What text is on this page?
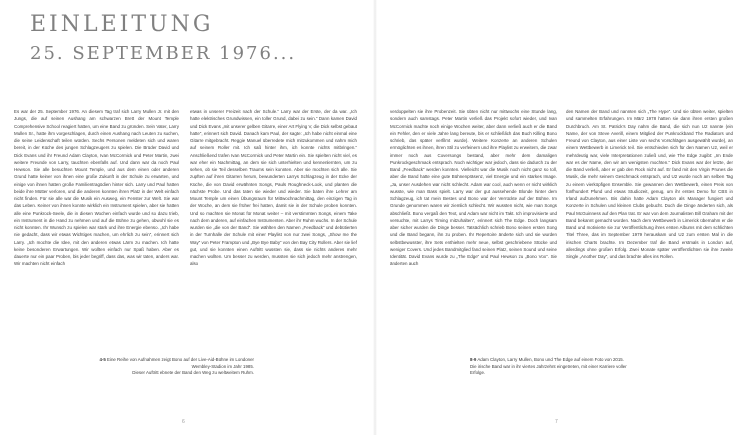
EINLEITUNG
25. SEPTEMBER 1976...

Es war der 25. September 1976. An diesem Tag traf sich Larry Mullen Jr. mit den Jungs, die auf seinen Aushang am schwarzen Brett der Mount Temple Comprehensive School reagiert hatten, um eine Band zu gründen. Sein Vater, Larry Mullen Sr., hatte ihm vorgeschlagen, durch einen Aushang nach Leuten zu suchen, die seine Leidenschaft teilen würden. Sechs Personen meldeten sich und waren bereit, in der Küche des jungen Schlagzeugers zu spielen. Die Brüder David und Dick Evans und ihr Freund Adam Clayton, Ivan McCormick und Peter Martin, zwei weitere Freunde von Larry, tauchten ebenfalls auf. Und dann war da noch Paul Hewson. Sie alle besuchten Mount Temple, und aus dem einen oder anderen Grund hatte keiner von ihnen eine große Zukunft in der Schule zu erwarten, und einige von ihnen hatten große Familientragödien hinter sich. Larry und Paul hatten beide ihre Mütter verloren, und die anderen konnten ihren Platz in der Welt einfach nicht finden. Für sie alle war die Musik ein Ausweg, ein Fenster zur Welt. Sie war das Leben. Keiner von ihnen konnte wirklich ein Instrument spielen, aber sie hatten alle eine Punkrock-Seele, die in diesen Wochen einfach wurde und so dazu trieb, ein Instrument in die Hand zu nehmen und auf die Bühne zu gehen, obwohl sie es nicht konnten. Ihr Wunsch zu spielen war stark und ihre Energie ebenso. „Ich habe nie gedacht, dass wir etwas Wichtiges machen, um ehrlich zu sein“, erinnert sich Larry. „Ich mochte die Idee, mit den anderen etwas Lärm zu machen. Ich hatte keine besonderen Erwartungen. Wir wollten einfach nur Spaß haben. Aber es dauerte nur ein paar Proben, bis jeder begriff, dass das, was wir taten, anders war. Wir machten nicht einfach

etwas in unserer Freizeit nach der Schule.“ Larry war der Erste, der da war. „Ich hatte elektrisches Grundwissen, ein toller Grund, dabei zu sein.“ Dann kamen David und Dick Evans „mit unserer gelben Gitarre, einer Art Flying V, die Dick selbst gebaut hatte“, erinnert sich David. Danach kam Paul, der sagte: „Ich habe nicht einmal eine Gitarre mitgebracht. Reggie Manuel überredete mich mitzukommen und nahm mich auf seinem Roller mit. Ich saß hinter ihm, ich konnte nichts mitbringen.“ Anschließend trafen Ivan McCormick und Peter Martin ein. Sie spielten nicht viel, es war eher ein Nachmittag, an dem sie sich unterhielten und kennenlernten, um zu sehen, ob sie Teil desselben Traums sein konnten. Aber sie mochten sich alle. Sie zupften auf ihren Gitarren herum, bewunderten Larrys Schlagzeug in der Ecke der Küche, die von David erwähnten Songs, Pauls Roughneck-Look, und planten die nächste Probe. Und das taten sie wieder und wieder. Sie baten ihre Lehrer am Mount Temple um einen Übungsraum für Mittwochnachmittag, den einzigen Tag in der Woche, an dem sie früher frei hatten, damit sie in der Schule proben konnten. Und so machten sie Monat für Monat weiter – mit verstimmten Songs, einem Take nach dem anderen, auf einfachen Instrumenten. Aber ihr Ruhm wuchs. In der Schule wurden sie „die von der Band“. Sie wählten den Namen „Feedback“ und debütierten in der Turnhalle der Schule mit einer Playlist von nur zwei Songs, „Show me the Way“ von Peter Frampton und „Bye Bye Baby“ von den Bay City Rollers. Aber sie lief gut, und sie konnten einen Auftritt wussten sie, dass sie nichts anderes mehr machen wollten. Um besser zu werden, mussten sie sich jedoch mehr anstrengen, also

verdoppelten sie ihre Probenzeit. Sie übten nicht nur mittwochs eine Stunde lang, sondern auch samstags. Peter Martin verließ das Projekt sofort wieder, und Ivan McCormick machte noch einige Wochen weiter, aber dann verließ auch er die Band ein Fehler, den er viele Jahre lang bereute, bis er schließlich das Buch Killing Bono schrieb, das später verfilmt wurde). Weitere Konzerte an anderen Schulen ermöglichten es ihnen, ihren Stil zu verfeinern und ihre Playlist zu erweitern, die zwar immer noch aus Coversongs bestand, aber mehr dem damaligen Punkrockgeschmack entsprach. Noch wichtiger war jedoch, dass sie dadurch zu der Band „Feedback“ werden konnten. Vielleicht war die Musik noch nicht ganz so toll, aber die Band hatte eine gute Bühnenpräsenz, viel Energie und ein starkes Image. „Ja, unser Ausdehen war nicht schlecht. Adam war cool, auch wenn er nicht wirklich wusste, wie man Bass spielt. Larry war der gut aussehende Blonde hinter dem Schlagzeug, ich tat mein Bestes und Bono war der Verrückte auf der Bühne. Im Grunde genommen waren wir ziemlich schlecht. Wir wussten nicht, wie man Songs abschließt. Bono vergaß den Text, und Adam war nicht im Takt. Ich improvisierte und versuchte, mit Larrys Timing mitzuhalten“, erinnert sich The Edge. Doch langsam aber sicher wurden die Dinge besser. Tatsächlich schrieb Bono seinen ersten Song und die Band begann, ihn zu proben. Ihr Repertoire änderte sich und sie wurden selbstbewusster, ihre Sets enthielten mehr neue, selbst geschriebene Stücke und weniger Covers. Und jedes Bandmitglied fand seinen Platz, seinen Sound und seine Identität. David Evans wurde zu „The Edge“ und Paul Hewson zu „Bono Vox“. Sie änderten auch

den Namen der Band und nannten sich „The Hype“. Und sie übten weiter, spielten und sammelten Erfahrungen. Im März 1978 hatten sie dann ihren ersten großen Durchbruch. Am St. Patrick’s Day nahm die Band, die sich nun U2 nannte (ein Name, der von Steve Averill, einem Mitglied der Punkrockband The Radiators und Freund von Clayton, aus einer Liste von sechs Vorschlägen ausgewählt wurde), an einem Wettbewerb in Limerick teil. Sie entschieden sich für den Namen U2, weil er mehrdeutig war, viele Interpretationen zuließ und, wie The Edge zugibt: „Im Ende war es der Name, den wir am wenigsten mochten.“ Dick Evans war der letzte, der die Band verließ, aber er gab den Rock nicht auf. Er fand mit den Virgin Prunes die Musik, die mehr seinem Geschmack entsprach, und U2 wurde noch am selben Tag zu einem vierköpfigen Ensemble. Sie gewannen den Wettbewerb, einen Preis von fünfhundert Pfund und etwas Studiozeit, genug, um ihr erstes Demo für CBS in Irland aufzunehmen. Bis dahin hatte Adam Clayton als Manager fungiert und Konzerte in Schulen und kleinen Clubs gebucht. Doch die Dinge änderten sich, als Paul McGuinness auf den Plan trat. Er war von dem Journalisten Bill Graham mit der Band bekannt gemacht worden. Nach dem Wettbewerb in Limerick übernahm er die Band und motivierte sie zur Veröffentlichung ihres ersten Albums mit dem schlichten Titel Three, das im September 1979 herauskam und U2 zum ersten Mal in die irischen Charts brachte. Im Dezember traf die Band erstmals in London auf, allerdings ohne großen Erfolg. Zwei Monate später veröffentlichten sie ihre zweite Single „Another Day“, und das brachte alles ins Rollen.

4-5 Eine Reihe von Aufnahmen zeigt Bono auf der Live-Aid-Bühne im Londoner Wembley-Stadion im Jahr 1985.
Dieser Auftritt ebnete der Band den Weg zu weltweitem Ruhm.
8-9 Adam Clayton, Larry Mullen, Bono und The Edge auf einem Foto von 2015.
Die irische Band war in ihr viertes Jahrzehnt eingetreten, mit einer Karriere voller Erfolge.
6	7
